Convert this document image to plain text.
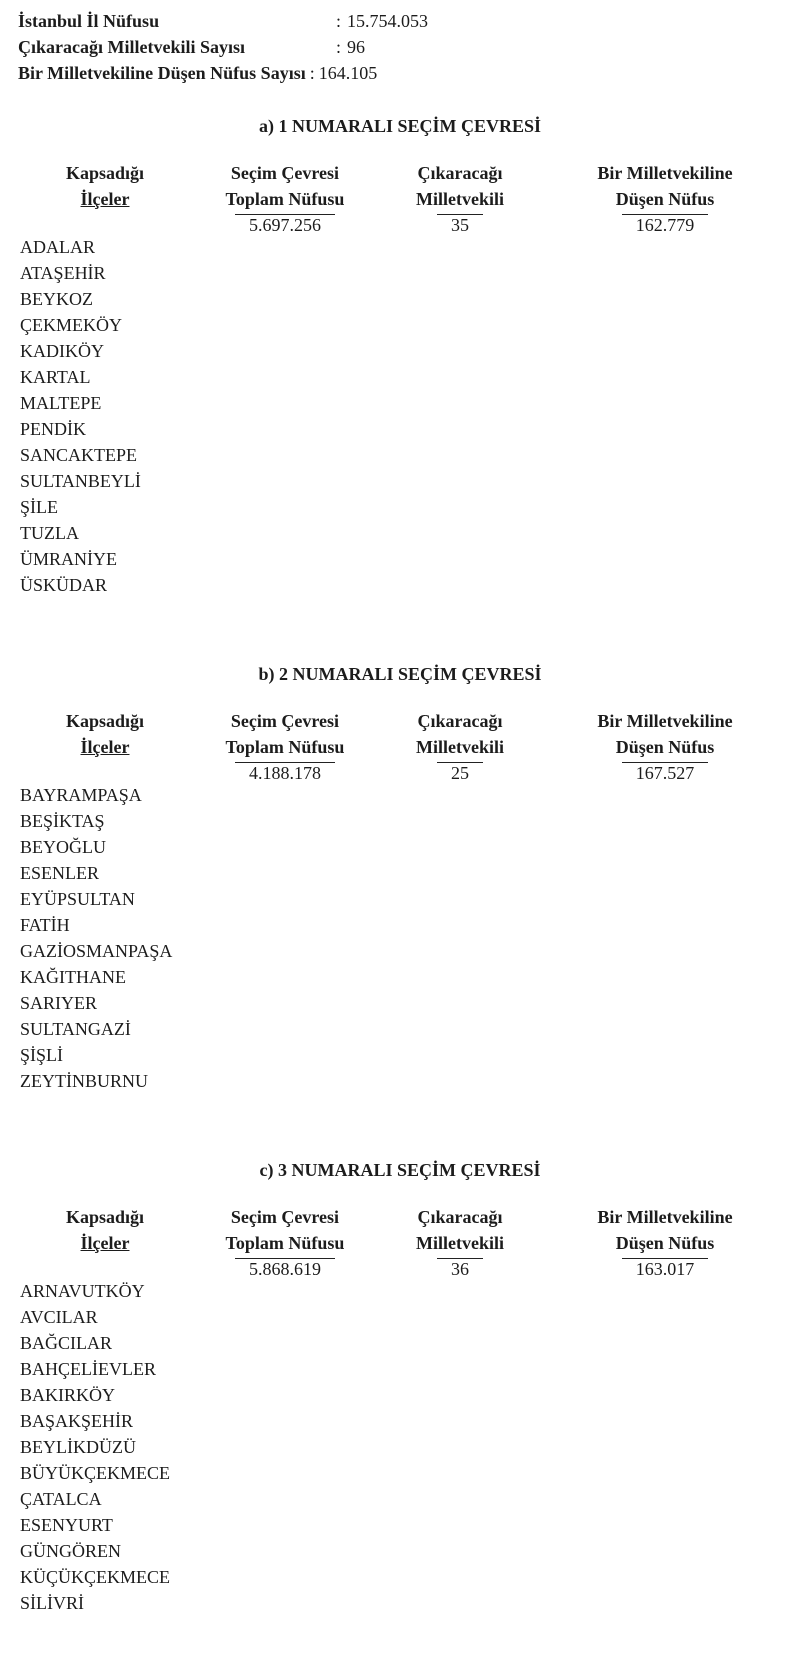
İstanbul İl Nüfusu	: 15.754.053
Çıkaracağı Milletvekili Sayısı	: 96
Bir Milletvekiline Düşen Nüfus Sayısı : 164.105
a) 1 NUMARALI SEÇİM ÇEVRESİ
Kapsadığı
İlçeler
Seçim Çevresi
Toplam Nüfusu
5.697.256
Çıkaracağı
Milletvekili
35
Bir Milletvekiline
Düşen Nüfus
162.779
ADALAR
ATAŞEHİR
BEYKOZ
ÇEKMEKÖY
KADIKÖY
KARTAL
MALTEPE
PENDİK
SANCAKTEPE
SULTANBEYLİ
ŞİLE
TUZLA
ÜMRANİYE
ÜSKÜDAR
b) 2 NUMARALI SEÇİM ÇEVRESİ
Kapsadığı
İlçeler
Seçim Çevresi
Toplam Nüfusu
4.188.178
Çıkaracağı
Milletvekili
25
Bir Milletvekiline
Düşen Nüfus
167.527
BAYRAMPAŞA
BEŞİKTAŞ
BEYOĞLU
ESENLER
EYÜPSULTAN
FATİH
GAZİOSMANPAŞA
KAĞITHANE
SARIYER
SULTANGAZİ
ŞİŞLİ
ZEYTİNBURNU
c) 3 NUMARALI SEÇİM ÇEVRESİ
Kapsadığı
İlçeler
Seçim Çevresi
Toplam Nüfusu
5.868.619
Çıkaracağı
Milletvekili
36
Bir Milletvekiline
Düşen Nüfus
163.017
ARNAVUTKÖY
AVCILAR
BAĞCILAR
BAHÇELİEVLER
BAKIRKÖY
BAŞAKŞEHİR
BEYLİKDÜZÜ
BÜYÜKÇEKMECE
ÇATALCA
ESENYURT
GÜNGÖREN
KÜÇÜKÇEKMECE
SİLİVRİ
